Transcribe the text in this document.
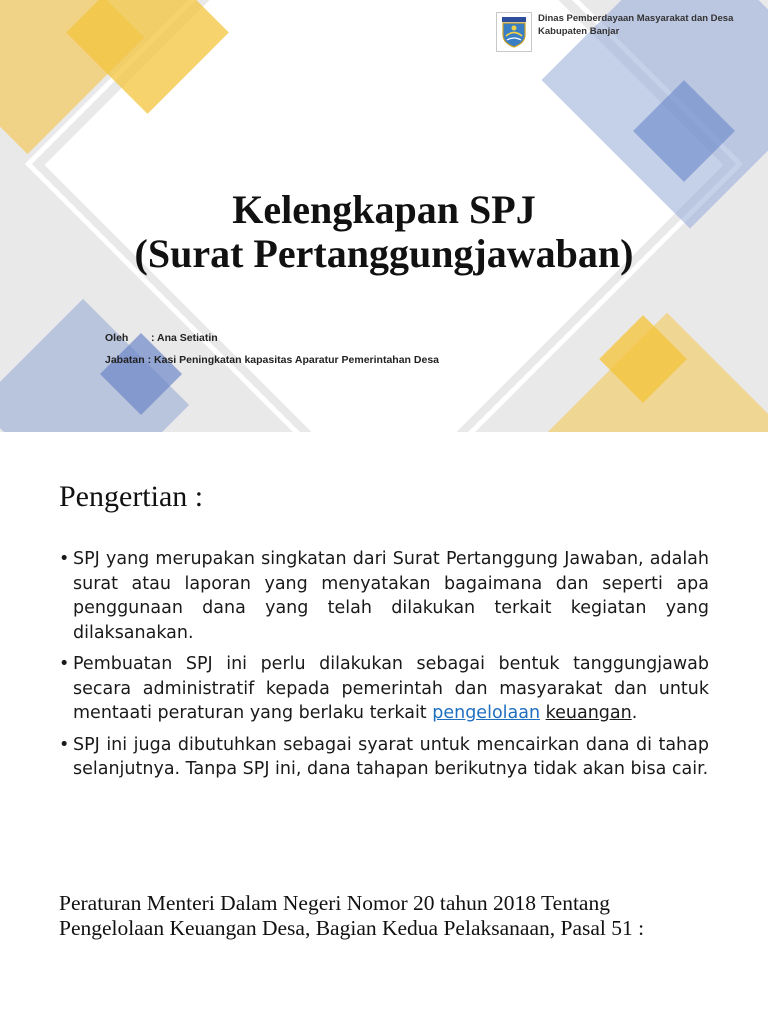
Dinas Pemberdayaan Masyarakat dan Desa
Kabupaten Banjar
Kelengkapan SPJ
(Surat Pertanggungjawaban)
Oleh : Ana Setiatin
Jabatan : Kasi Peningkatan kapasitas Aparatur Pemerintahan Desa
Pengertian :
• SPJ yang merupakan singkatan dari Surat Pertanggung Jawaban, adalah surat atau laporan yang menyatakan bagaimana dan seperti apa penggunaan dana yang telah dilakukan terkait kegiatan yang dilaksanakan.
• Pembuatan SPJ ini perlu dilakukan sebagai bentuk tanggungjawab secara administratif kepada pemerintah dan masyarakat dan untuk mentaati peraturan yang berlaku terkait pengelolaan keuangan.
• SPJ ini juga dibutuhkan sebagai syarat untuk mencairkan dana di tahap selanjutnya. Tanpa SPJ ini, dana tahapan berikutnya tidak akan bisa cair.
Peraturan Menteri Dalam Negeri Nomor 20 tahun 2018 Tentang Pengelolaan Keuangan Desa, Bagian Kedua Pelaksanaan, Pasal 51 :
